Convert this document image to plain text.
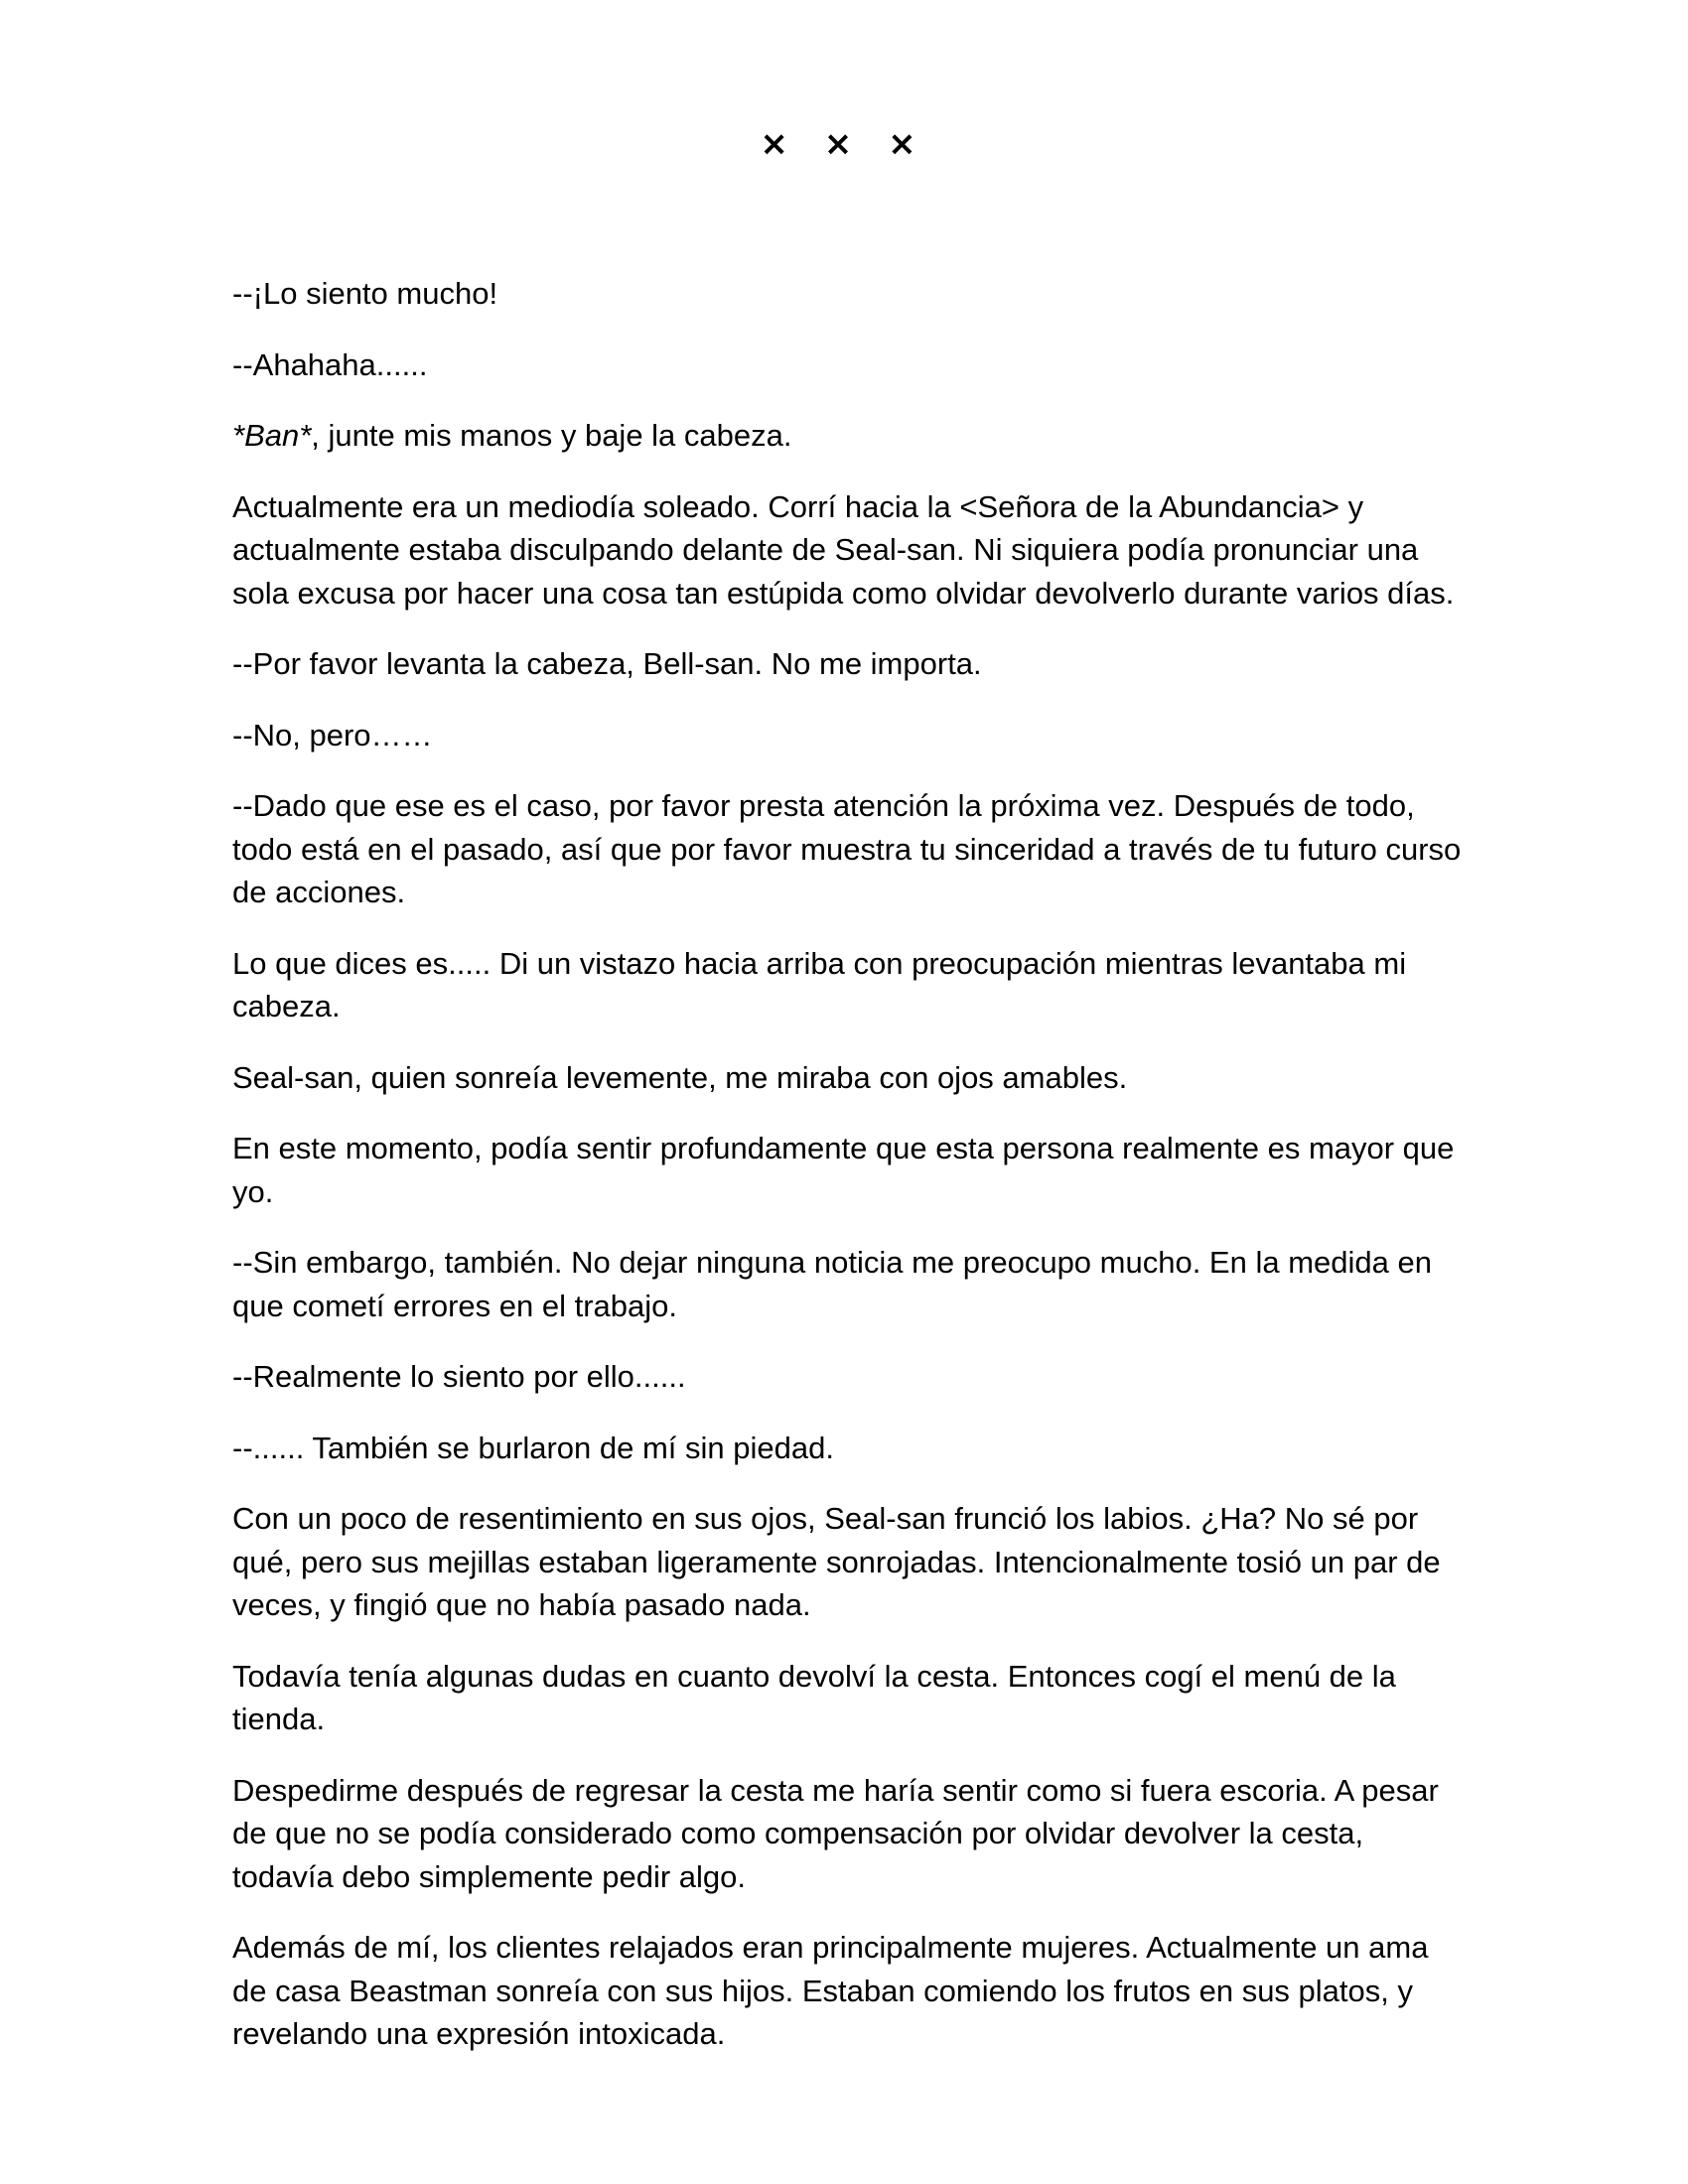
× × ×

--¡Lo siento mucho!

--Ahahaha......

*Ban*, junte mis manos y baje la cabeza.

Actualmente era un mediodía soleado. Corrí hacia la <Señora de la Abundancia> y actualmente estaba disculpando delante de Seal-san. Ni siquiera podía pronunciar una sola excusa por hacer una cosa tan estúpida como olvidar devolverlo durante varios días.

--Por favor levanta la cabeza, Bell-san. No me importa.

--No, pero……

--Dado que ese es el caso, por favor presta atención la próxima vez. Después de todo, todo está en el pasado, así que por favor muestra tu sinceridad a través de tu futuro curso de acciones.

Lo que dices es..... Di un vistazo hacia arriba con preocupación mientras levantaba mi cabeza.

Seal-san, quien sonreía levemente, me miraba con ojos amables.

En este momento, podía sentir profundamente que esta persona realmente es mayor que yo.

--Sin embargo, también. No dejar ninguna noticia me preocupo mucho. En la medida en que cometí errores en el trabajo.

--Realmente lo siento por ello......

--...... También se burlaron de mí sin piedad.

Con un poco de resentimiento en sus ojos, Seal-san frunció los labios. ¿Ha? No sé por qué, pero sus mejillas estaban ligeramente sonrojadas. Intencionalmente tosió un par de veces, y fingió que no había pasado nada.

Todavía tenía algunas dudas en cuanto devolví la cesta. Entonces cogí el menú de la tienda.

Despedirme después de regresar la cesta me haría sentir como si fuera escoria. A pesar de que no se podía considerado como compensación por olvidar devolver la cesta, todavía debo simplemente pedir algo.

Además de mí, los clientes relajados eran principalmente mujeres. Actualmente un ama de casa Beastman sonreía con sus hijos. Estaban comiendo los frutos en sus platos, y revelando una expresión intoxicada.
